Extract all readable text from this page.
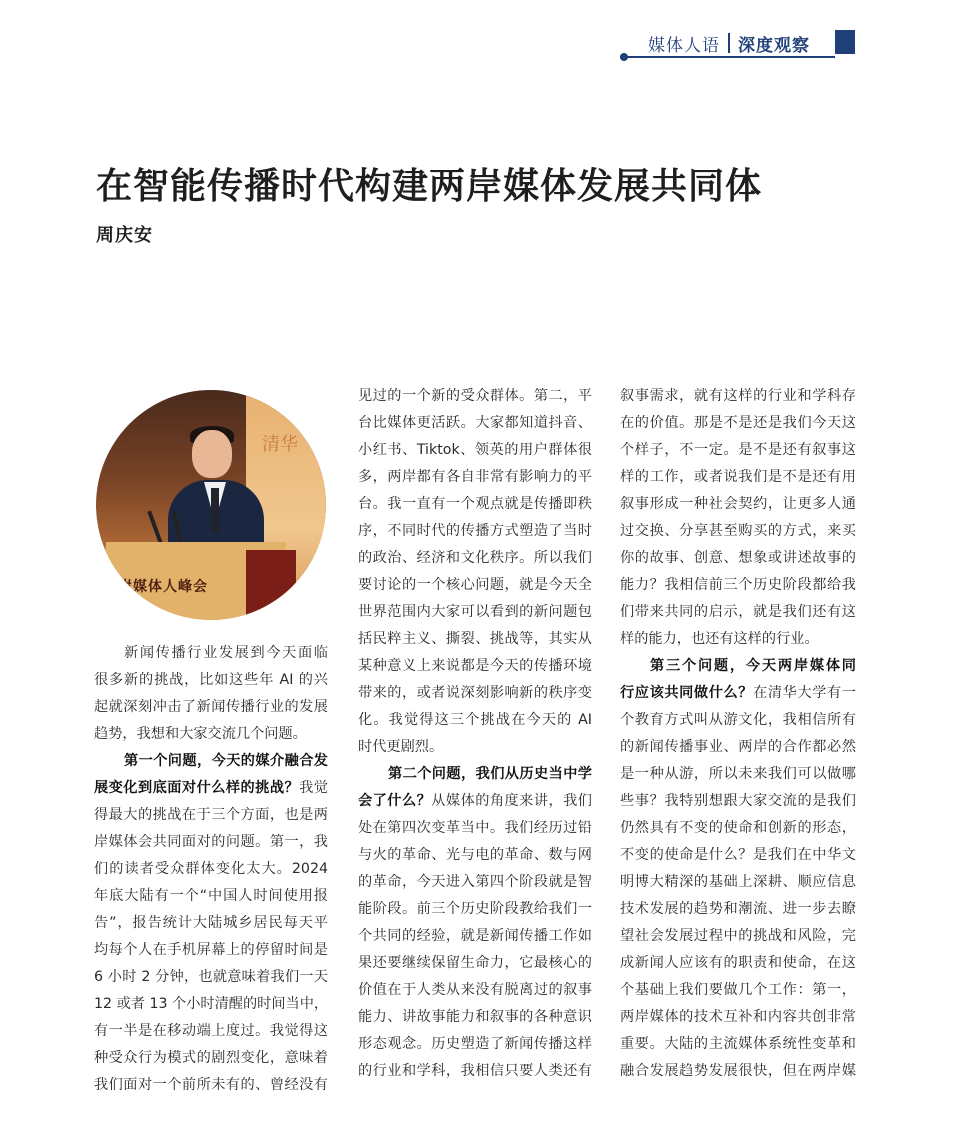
媒体人语 深度观察
在智能传播时代构建两岸媒体发展共同体
周庆安
清华
岸媒体人峰会

新闻传播行业发展到今天面临
很多新的挑战，比如这些年 AI 的兴
起就深刻冲击了新闻传播行业的发展
趋势，我想和大家交流几个问题。

第一个问题，今天的媒介融合发
展变化到底面对什么样的挑战？我觉
得最大的挑战在于三个方面，也是两
岸媒体会共同面对的问题。第一，我
们的读者受众群体变化太大。2024
年底大陆有一个“中国人时间使用报
告”，报告统计大陆城乡居民每天平
均每个人在手机屏幕上的停留时间是
6 小时 2 分钟，也就意味着我们一天
12 或者 13 个小时清醒的时间当中，
有一半是在移动端上度过。我觉得这
种受众行为模式的剧烈变化，意味着
我们面对一个前所未有的、曾经没有

见过的一个新的受众群体。第二，平
台比媒体更活跃。大家都知道抖音、
小红书、Tiktok、领英的用户群体很
多，两岸都有各自非常有影响力的平
台。我一直有一个观点就是传播即秩
序，不同时代的传播方式塑造了当时
的政治、经济和文化秩序。所以我们
要讨论的一个核心问题，就是今天全
世界范围内大家可以看到的新问题包
括民粹主义、撕裂、挑战等，其实从
某种意义上来说都是今天的传播环境
带来的，或者说深刻影响新的秩序变
化。我觉得这三个挑战在今天的 AI
时代更剧烈。

第二个问题，我们从历史当中学
会了什么？从媒体的角度来讲，我们
处在第四次变革当中。我们经历过铅
与火的革命、光与电的革命、数与网
的革命，今天进入第四个阶段就是智
能阶段。前三个历史阶段教给我们一
个共同的经验，就是新闻传播工作如
果还要继续保留生命力，它最核心的
价值在于人类从来没有脱离过的叙事
能力、讲故事能力和叙事的各种意识
形态观念。历史塑造了新闻传播这样
的行业和学科，我相信只要人类还有

叙事需求，就有这样的行业和学科存
在的价值。那是不是还是我们今天这
个样子，不一定。是不是还有叙事这
样的工作，或者说我们是不是还有用
叙事形成一种社会契约，让更多人通
过交换、分享甚至购买的方式，来买
你的故事、创意、想象或讲述故事的
能力？我相信前三个历史阶段都给我
们带来共同的启示，就是我们还有这
样的能力，也还有这样的行业。

第三个问题，今天两岸媒体同
行应该共同做什么？在清华大学有一
个教育方式叫从游文化，我相信所有
的新闻传播事业、两岸的合作都必然
是一种从游，所以未来我们可以做哪
些事？我特别想跟大家交流的是我们
仍然具有不变的使命和创新的形态，
不变的使命是什么？是我们在中华文
明博大精深的基础上深耕、顺应信息
技术发展的趋势和潮流、进一步去瞭
望社会发展过程中的挑战和风险，完
成新闻人应该有的职责和使命，在这
个基础上我们要做几个工作：第一，
两岸媒体的技术互补和内容共创非常
重要。大陆的主流媒体系统性变革和
融合发展趋势发展很快，但在两岸媒
